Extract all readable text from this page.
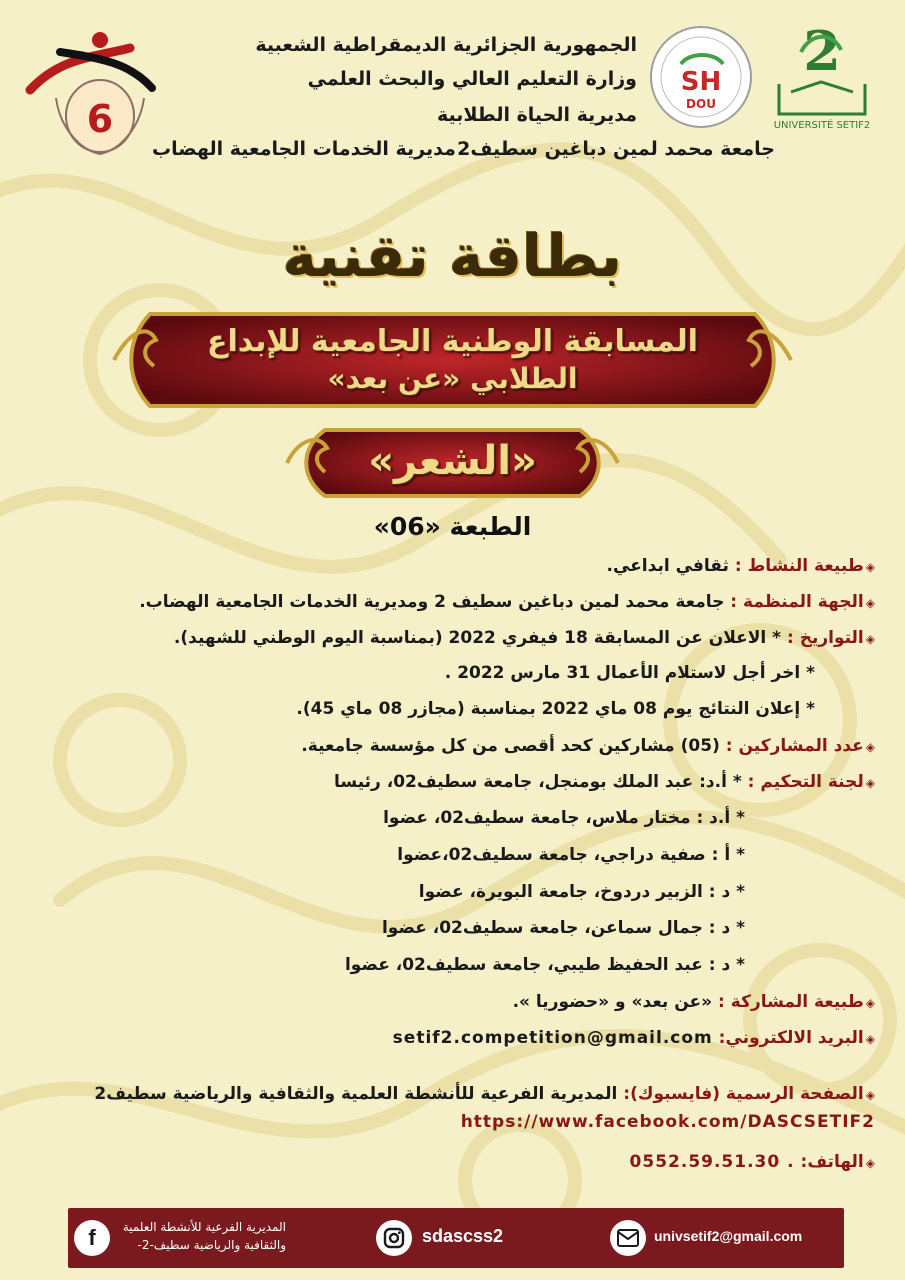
2
UNIVERSITÉ SETIF2
SH
DOU
6
الجمهورية الجزائرية الديمقراطية الشعبية
وزارة التعليم العالي والبحث العلمي
مديرية الحياة الطلابية
جامعة محمد لمين دباغين سطيف2
مديرية الخدمات الجامعية الهضاب
بطاقة تقنية
المسابقة الوطنية الجامعية للإبداع
الطلابي «عن بعد»
«الشعر»
الطبعة «06»
◈طبيعة النشاط : ثقافي ابداعي.
◈الجهة المنظمة : جامعة محمد لمين دباغين سطيف 2 ومديرية الخدمات الجامعية الهضاب.
◈التواريخ : * الاعلان عن المسابقة 18 فيفري 2022 (بمناسبة اليوم الوطني للشهيد).
* اخر أجل لاستلام الأعمال 31 مارس 2022 .
* إعلان النتائج يوم 08 ماي 2022 بمناسبة (مجازر 08 ماي 45).
◈عدد المشاركين : (05) مشاركين كحد أقصى من كل مؤسسة جامعية.
◈لجنة التحكيم : * أ.د: عبد الملك بومنجل، جامعة سطيف02، رئيسا
* أ.د : مختار ملاس، جامعة سطيف02، عضوا
* أ : صفية دراجي، جامعة سطيف02،عضوا
* د : الزبير دردوخ، جامعة البويرة، عضوا
* د : جمال سماعن، جامعة سطيف02، عضوا
* د : عبد الحفيظ طيبي، جامعة سطيف02، عضوا
◈طبيعة المشاركة : «عن بعد» و «حضوريا ».
◈البريد الالكتروني: setif2.competition@gmail.com
◈الصفحة الرسمية (فايسبوك): المديرية الفرعية للأنشطة العلمية والثقافية والرياضية سطيف2
https://www.facebook.com/DASCSETIF2
◈الهاتف: 0552.59.51.30 .
f	المديرية الفرعية للأنشطة العلمية
والثقافية والرياضية سطيف-2-	sdascss2	univsetif2@gmail.com
